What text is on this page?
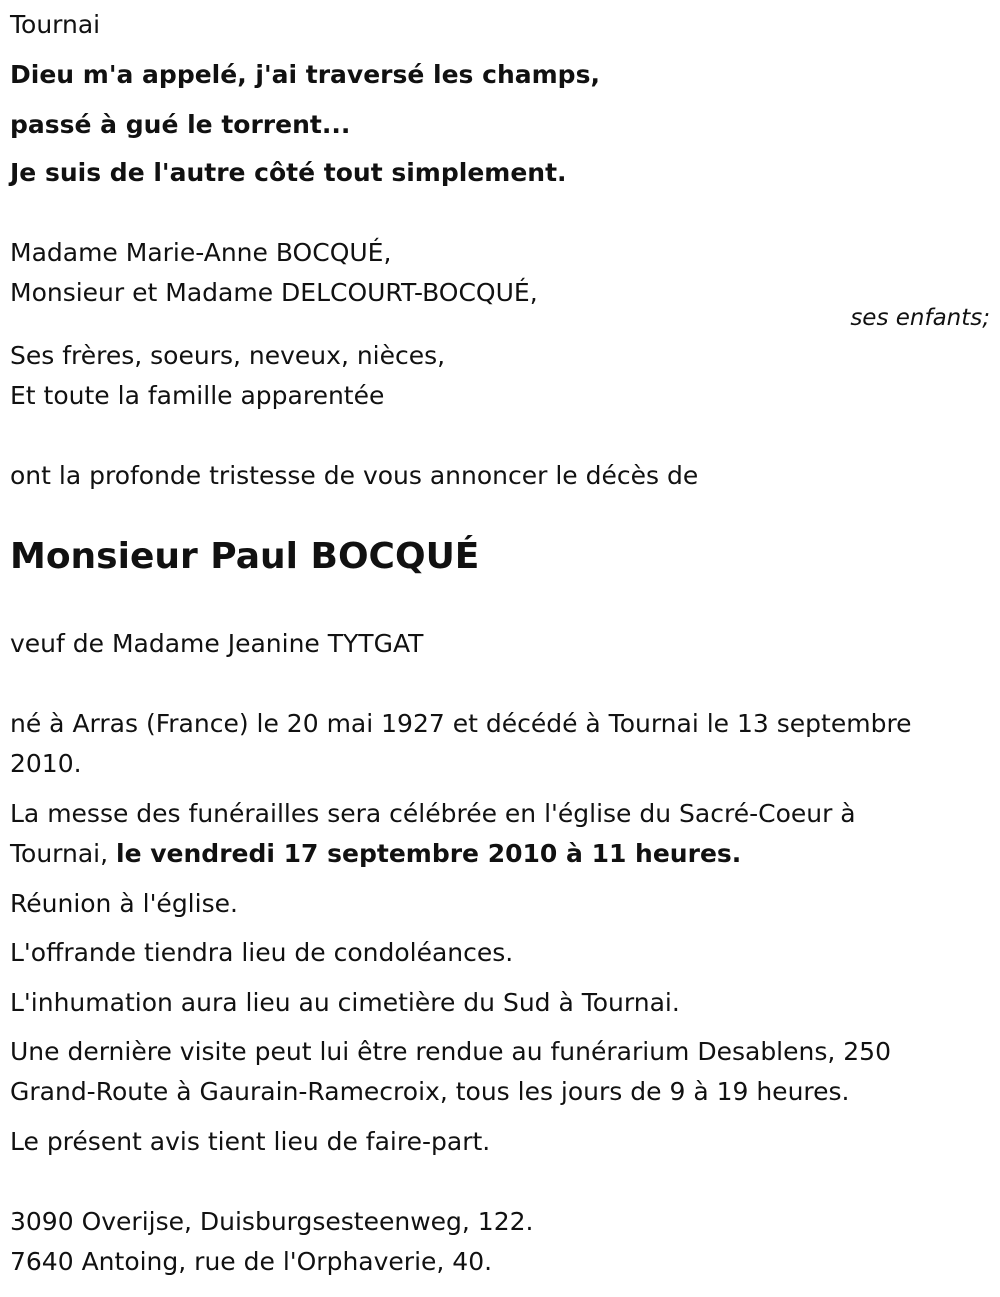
Tournai
Dieu m'a appelé, j'ai traversé les champs,
passé à gué le torrent...
Je suis de l'autre côté tout simplement.
Madame Marie-Anne BOCQUÉ,
Monsieur et Madame DELCOURT-BOCQUÉ,
ses enfants;
Ses frères, soeurs, neveux, nièces,
Et toute la famille apparentée
ont la profonde tristesse de vous annoncer le décès de
Monsieur Paul BOCQUÉ
veuf de Madame Jeanine TYTGAT
né à Arras (France) le 20 mai 1927 et décédé à Tournai le 13 septembre
2010.
La messe des funérailles sera célébrée en l'église du Sacré-Coeur à
Tournai, le vendredi 17 septembre 2010 à 11 heures.
Réunion à l'église.
L'offrande tiendra lieu de condoléances.
L'inhumation aura lieu au cimetière du Sud à Tournai.
Une dernière visite peut lui être rendue au funérarium Desablens, 250
Grand-Route à Gaurain-Ramecroix, tous les jours de 9 à 19 heures.
Le présent avis tient lieu de faire-part.
3090 Overijse, Duisburgsesteenweg, 122.
7640 Antoing, rue de l'Orphaverie, 40.
